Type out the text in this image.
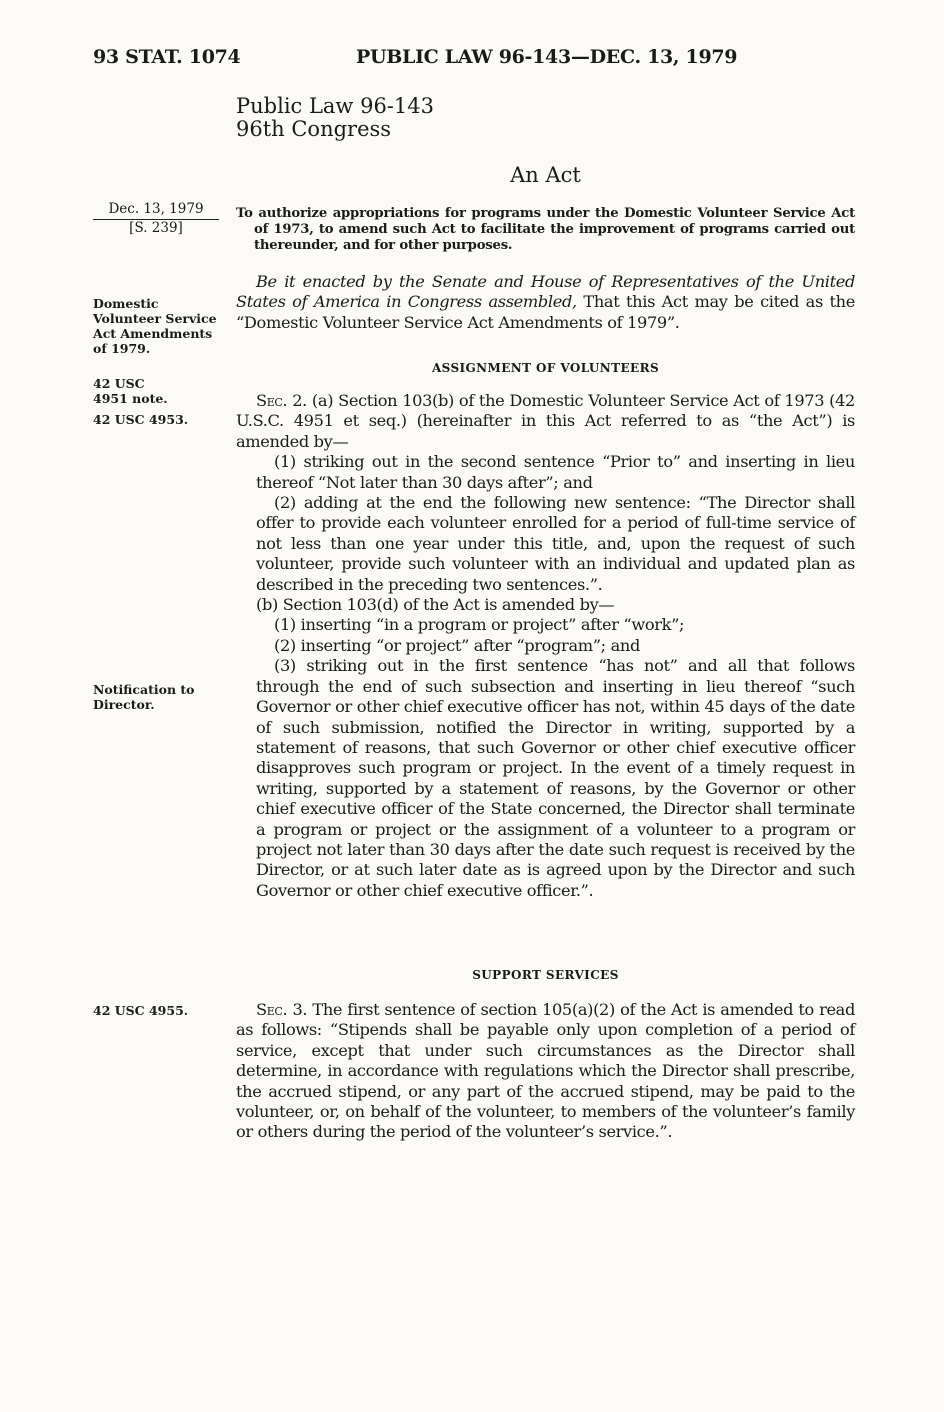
93 STAT. 1074	PUBLIC LAW 96-143—DEC. 13, 1979
Public Law 96-143
96th Congress
An Act
Dec. 13, 1979
[S. 239]

To authorize appropriations for programs under the Domestic Volunteer Service Act of 1973, to amend such Act to facilitate the improvement of programs carried out thereunder, and for other purposes.

Be it enacted by the Senate and House of Representatives of the United States of America in Congress assembled, That this Act may be cited as the “Domestic Volunteer Service Act Amendments of 1979”.

Domestic Volunteer Service Act Amendments of 1979.
42 USC 4951 note.
42 USC 4953.
Notification to Director.
42 USC 4955.
ASSIGNMENT OF VOLUNTEERS

Sec. 2. (a) Section 103(b) of the Domestic Volunteer Service Act of 1973 (42 U.S.C. 4951 et seq.) (hereinafter in this Act referred to as “the Act”) is amended by—

(1) striking out in the second sentence “Prior to” and inserting in lieu thereof “Not later than 30 days after”; and

(2) adding at the end the following new sentence: “The Director shall offer to provide each volunteer enrolled for a period of full-time service of not less than one year under this title, and, upon the request of such volunteer, provide such volunteer with an individual and updated plan as described in the preceding two sentences.”.

(b) Section 103(d) of the Act is amended by—

(1) inserting “in a program or project” after “work”;

(2) inserting “or project” after “program”; and

(3) striking out in the first sentence “has not” and all that follows through the end of such subsection and inserting in lieu thereof “such Governor or other chief executive officer has not, within 45 days of the date of such submission, notified the Director in writing, supported by a statement of reasons, that such Governor or other chief executive officer disapproves such program or project. In the event of a timely request in writing, supported by a statement of reasons, by the Governor or other chief executive officer of the State concerned, the Director shall terminate a program or project or the assignment of a volunteer to a program or project not later than 30 days after the date such request is received by the Director, or at such later date as is agreed upon by the Director and such Governor or other chief executive officer.”.

SUPPORT SERVICES

Sec. 3. The first sentence of section 105(a)(2) of the Act is amended to read as follows: “Stipends shall be payable only upon completion of a period of service, except that under such circumstances as the Director shall determine, in accordance with regulations which the Director shall prescribe, the accrued stipend, or any part of the accrued stipend, may be paid to the volunteer, or, on behalf of the volunteer, to members of the volunteer’s family or others during the period of the volunteer’s service.”.
